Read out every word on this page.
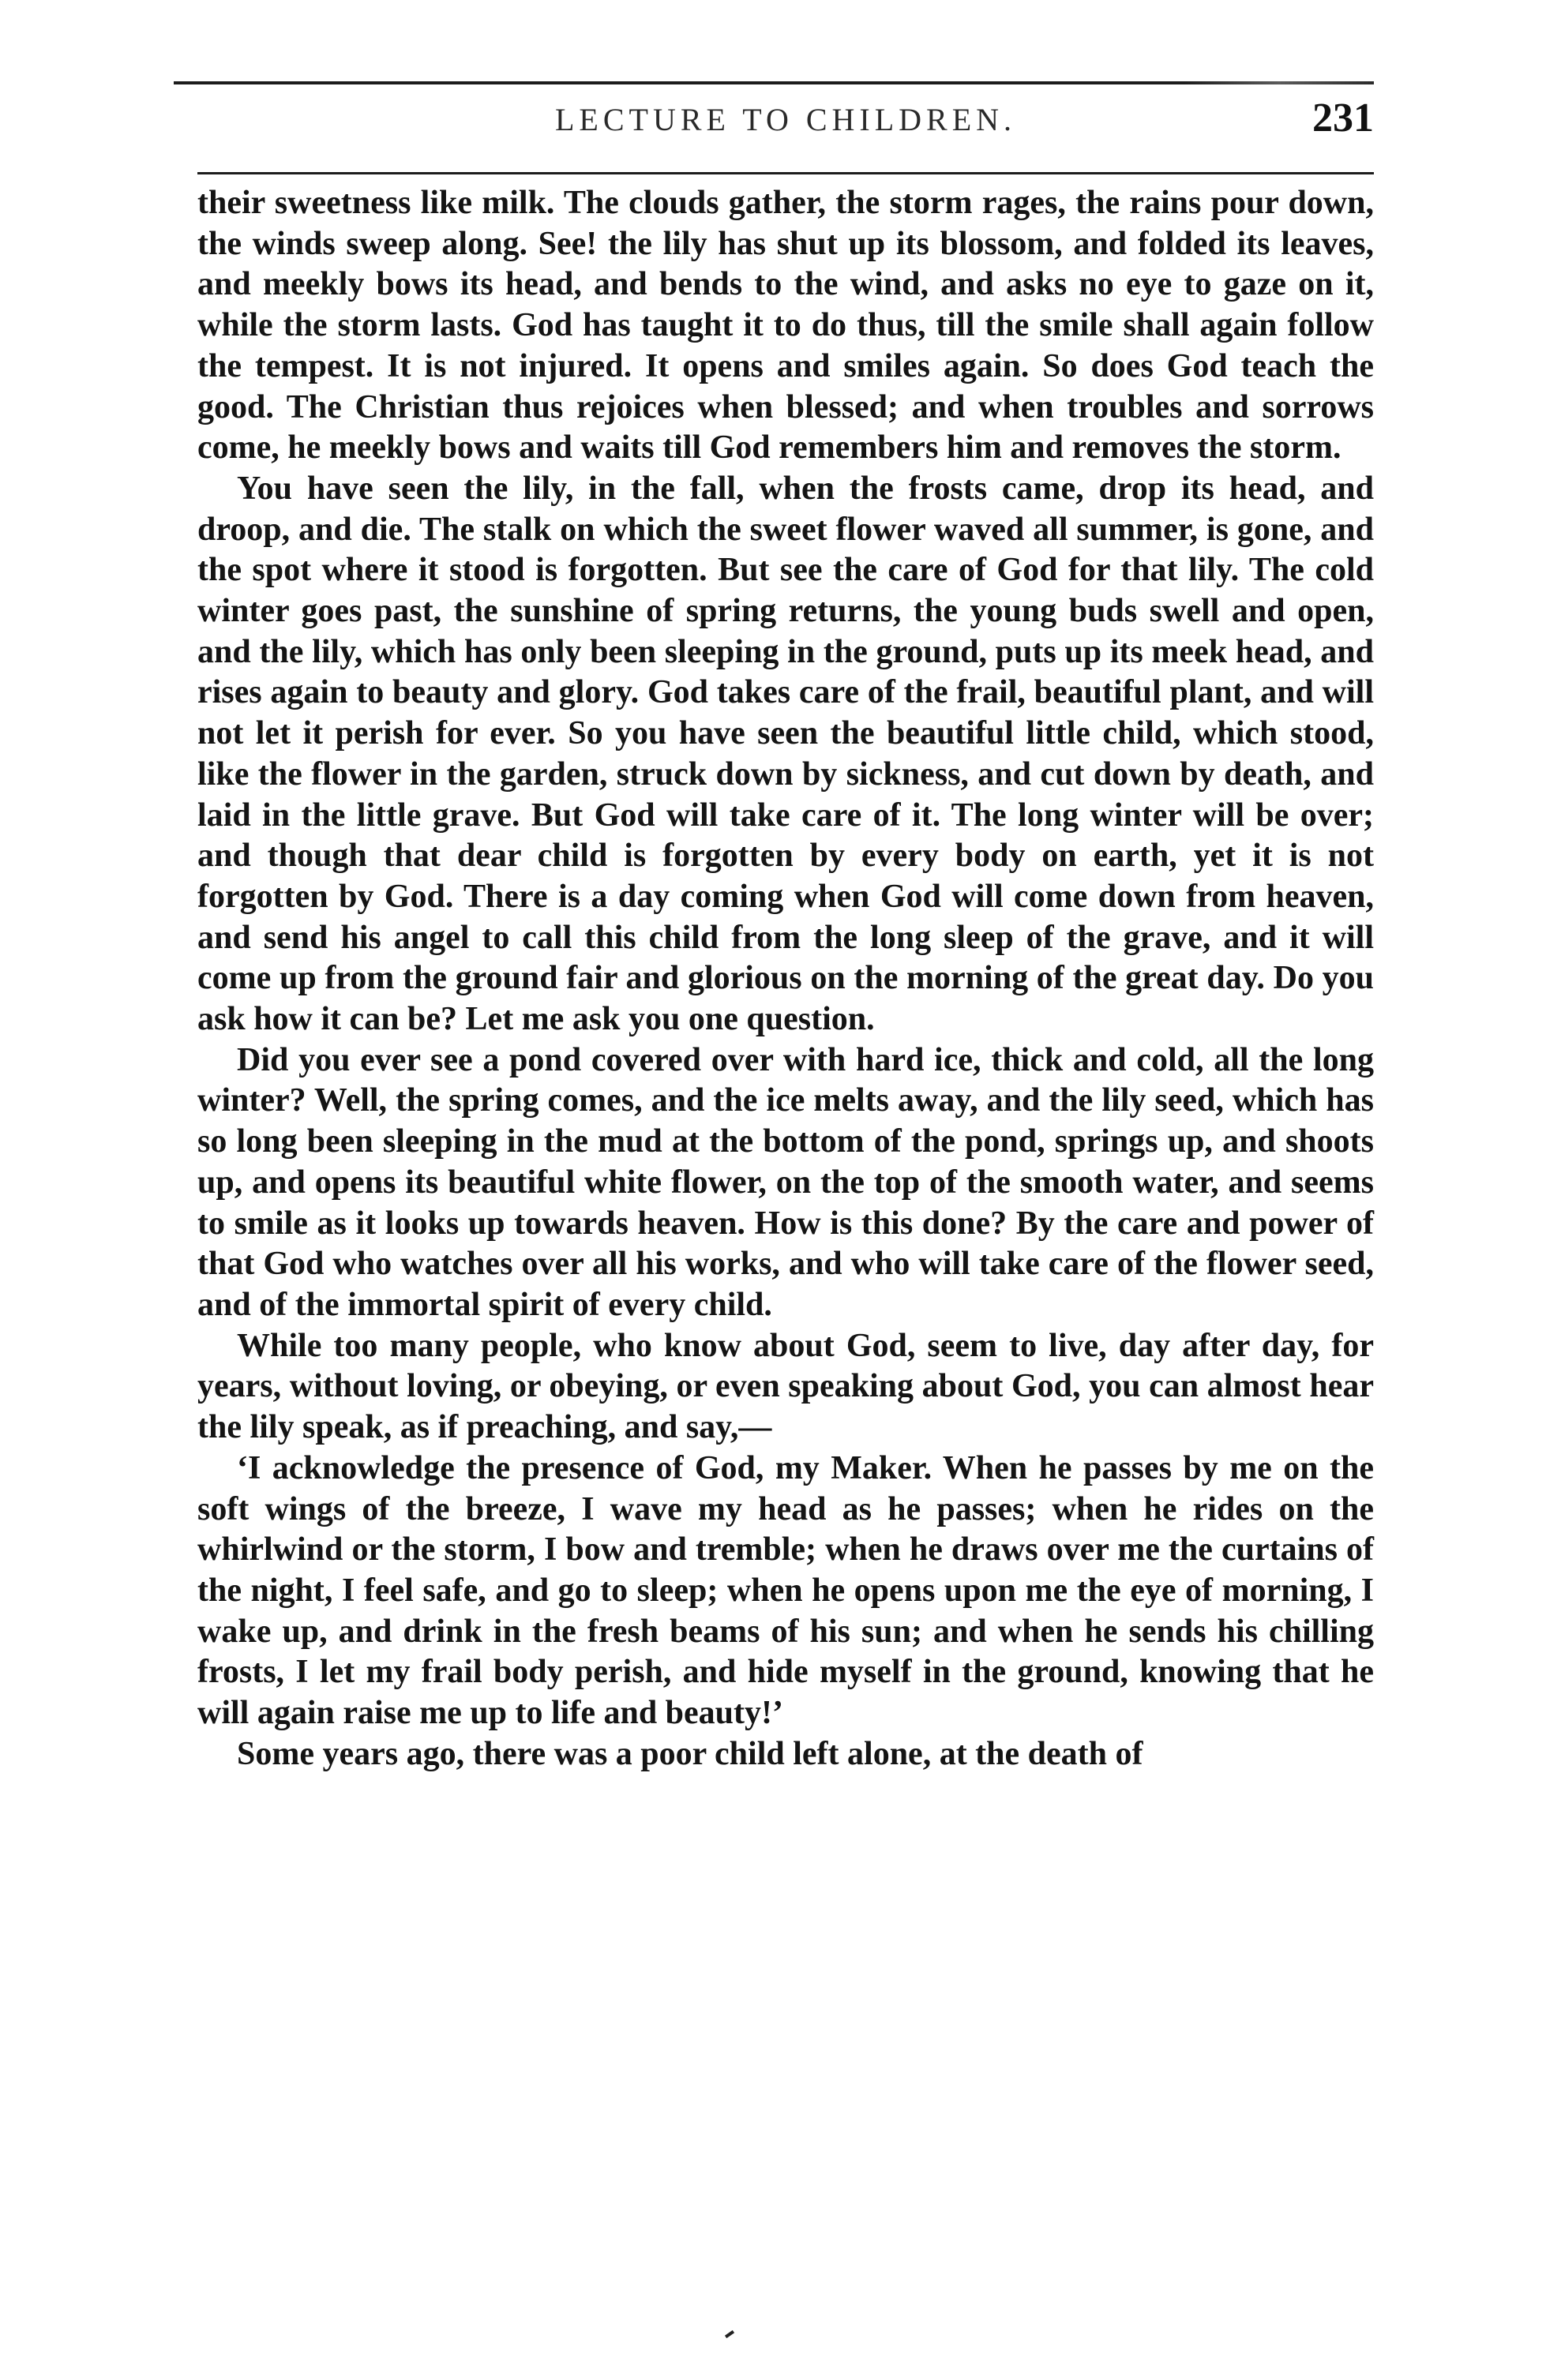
LECTURE TO CHILDREN.	231

their sweetness like milk. The clouds gather, the storm rages, the rains pour down, the winds sweep along. See! the lily has shut up its blossom, and folded its leaves, and meekly bows its head, and bends to the wind, and asks no eye to gaze on it, while the storm lasts. God has taught it to do thus, till the smile shall again follow the tempest. It is not injured. It opens and smiles again. So does God teach the good. The Christian thus rejoices when blessed; and when troubles and sorrows come, he meekly bows and waits till God remembers him and removes the storm.

You have seen the lily, in the fall, when the frosts came, drop its head, and droop, and die. The stalk on which the sweet flower waved all summer, is gone, and the spot where it stood is forgotten. But see the care of God for that lily. The cold winter goes past, the sunshine of spring returns, the young buds swell and open, and the lily, which has only been sleeping in the ground, puts up its meek head, and rises again to beauty and glory. God takes care of the frail, beautiful plant, and will not let it perish for ever. So you have seen the beautiful little child, which stood, like the flower in the garden, struck down by sickness, and cut down by death, and laid in the little grave. But God will take care of it. The long winter will be over; and though that dear child is forgotten by every body on earth, yet it is not forgotten by God. There is a day coming when God will come down from heaven, and send his angel to call this child from the long sleep of the grave, and it will come up from the ground fair and glorious on the morning of the great day. Do you ask how it can be? Let me ask you one question.

Did you ever see a pond covered over with hard ice, thick and cold, all the long winter? Well, the spring comes, and the ice melts away, and the lily seed, which has so long been sleeping in the mud at the bottom of the pond, springs up, and shoots up, and opens its beautiful white flower, on the top of the smooth water, and seems to smile as it looks up towards heaven. How is this done? By the care and power of that God who watches over all his works, and who will take care of the flower seed, and of the immortal spirit of every child.

While too many people, who know about God, seem to live, day after day, for years, without loving, or obeying, or even speaking about God, you can almost hear the lily speak, as if preaching, and say,—

‘I acknowledge the presence of God, my Maker. When he passes by me on the soft wings of the breeze, I wave my head as he passes; when he rides on the whirlwind or the storm, I bow and tremble; when he draws over me the curtains of the night, I feel safe, and go to sleep; when he opens upon me the eye of morning, I wake up, and drink in the fresh beams of his sun; and when he sends his chilling frosts, I let my frail body perish, and hide myself in the ground, knowing that he will again raise me up to life and beauty!’

Some years ago, there was a poor child left alone, at the death of
